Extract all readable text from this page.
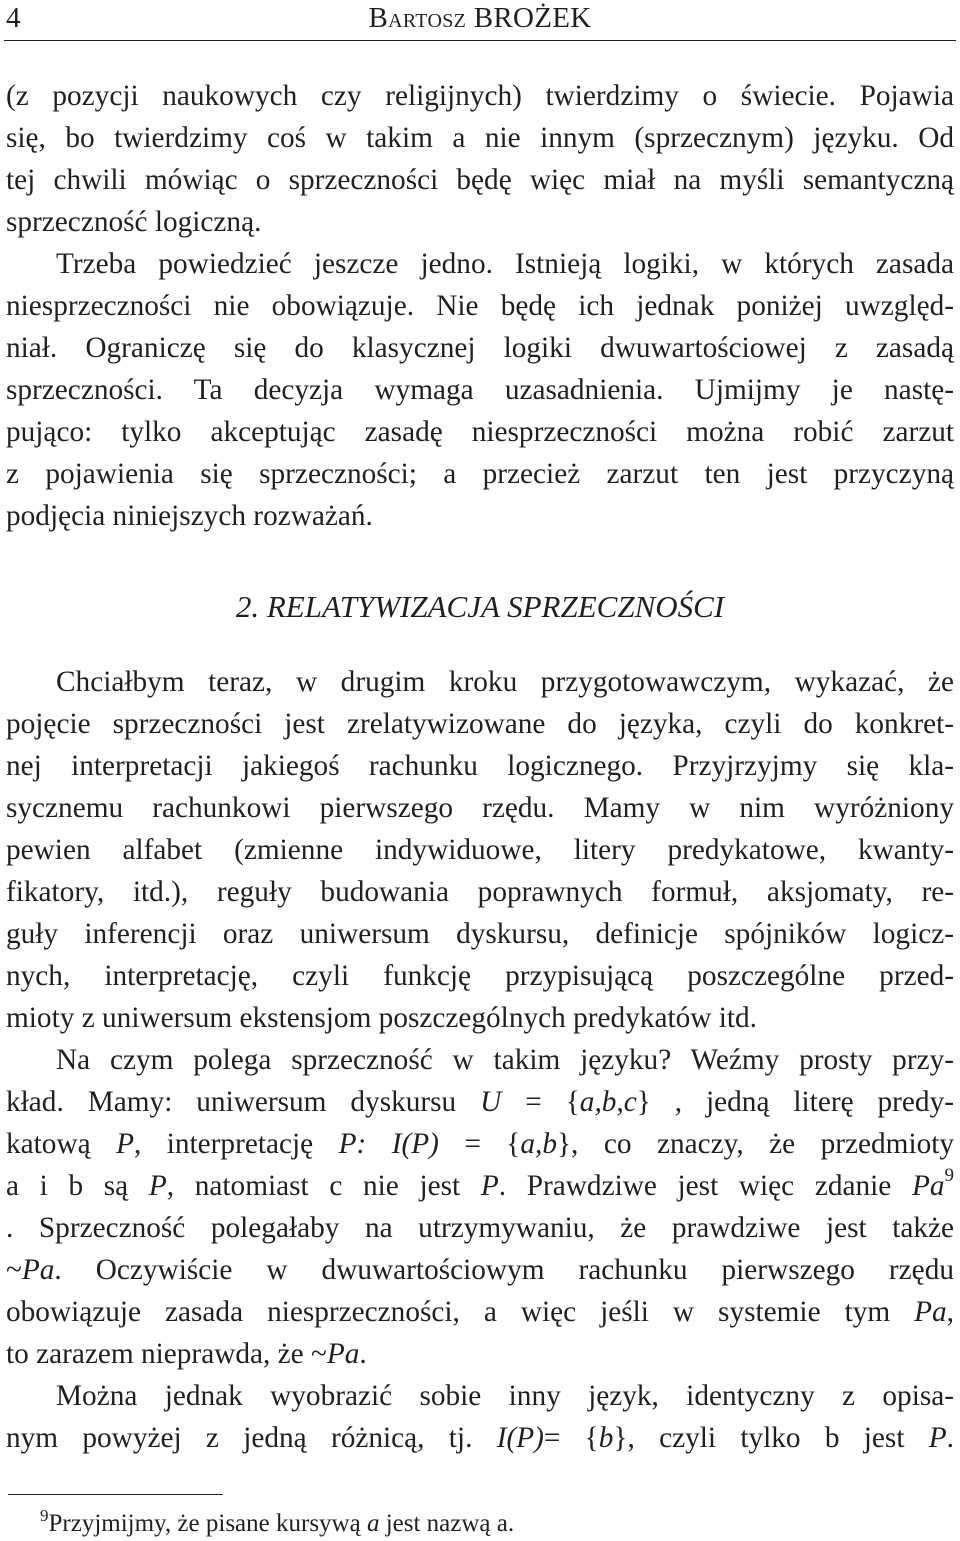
4	Bartosz BROŻEK
(z pozycji naukowych czy religijnych) twierdzimy o świecie. Pojawia
się, bo twierdzimy coś w takim a nie innym (sprzecznym) języku. Od
tej chwili mówiąc o sprzeczności będę więc miał na myśli semantyczną
sprzeczność logiczną.
Trzeba powiedzieć jeszcze jedno. Istnieją logiki, w których zasada
niesprzeczności nie obowiązuje. Nie będę ich jednak poniżej uwzględ-
niał. Ograniczę się do klasycznej logiki dwuwartościowej z zasadą
sprzeczności. Ta decyzja wymaga uzasadnienia. Ujmijmy je nastę-
pująco: tylko akceptując zasadę niesprzeczności można robić zarzut
z pojawienia się sprzeczności; a przecież zarzut ten jest przyczyną
podjęcia niniejszych rozważań.
2. RELATYWIZACJA SPRZECZNOŚCI
Chciałbym teraz, w drugim kroku przygotowawczym, wykazać, że
pojęcie sprzeczności jest zrelatywizowane do języka, czyli do konkret-
nej interpretacji jakiegoś rachunku logicznego. Przyjrzyjmy się kla-
sycznemu rachunkowi pierwszego rzędu. Mamy w nim wyróżniony
pewien alfabet (zmienne indywiduowe, litery predykatowe, kwanty-
fikatory, itd.), reguły budowania poprawnych formuł, aksjomaty, re-
guły inferencji oraz uniwersum dyskursu, definicje spójników logicz-
nych, interpretację, czyli funkcję przypisującą poszczególne przed-
mioty z uniwersum ekstensjom poszczególnych predykatów itd.
Na czym polega sprzeczność w takim języku? Weźmy prosty przy-
kład. Mamy: uniwersum dyskursu U = {a,b,c} , jedną literę predy-
katową P, interpretację P: I(P) = {a,b}, co znaczy, że przedmioty
a i b są P, natomiast c nie jest P. Prawdziwe jest więc zdanie Pa$^9$
. Sprzeczność polegałaby na utrzymywaniu, że prawdziwe jest także
~Pa. Oczywiście w dwuwartościowym rachunku pierwszego rzędu
obowiązuje zasada niesprzeczności, a więc jeśli w systemie tym Pa,
to zarazem nieprawda, że ~Pa.
Można jednak wyobrazić sobie inny język, identyczny z opisa-
nym powyżej z jedną różnicą, tj. I(P)= {b}, czyli tylko b jest P.
$^9$Przyjmijmy, że pisane kursywą a jest nazwą a.
